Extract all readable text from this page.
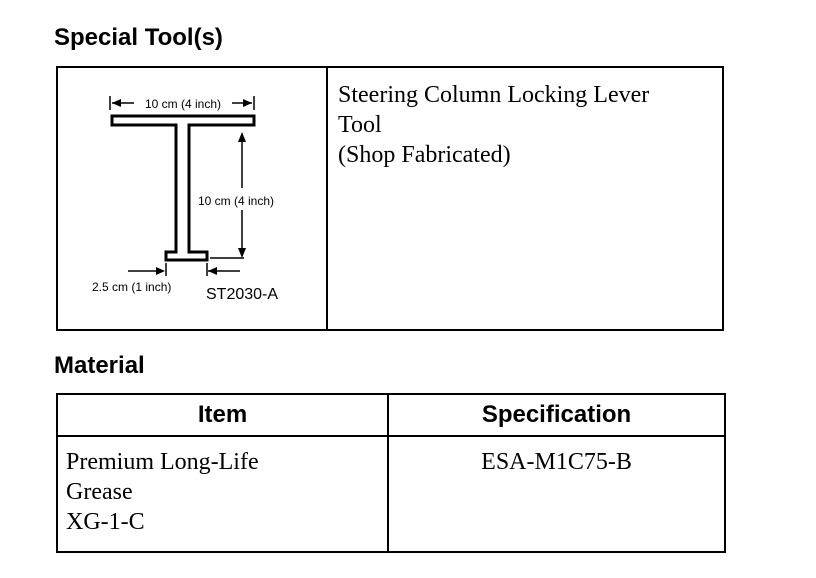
Special Tool(s)
10 cm (4 inch)
10 cm (4 inch)
2.5 cm (1 inch) ST2030-A

Steering Column Locking Lever
Tool
(Shop Fabricated)
Material
Item	Specification

Premium Long-Life
Grease
XG-1-C	ESA-M1C75-B
